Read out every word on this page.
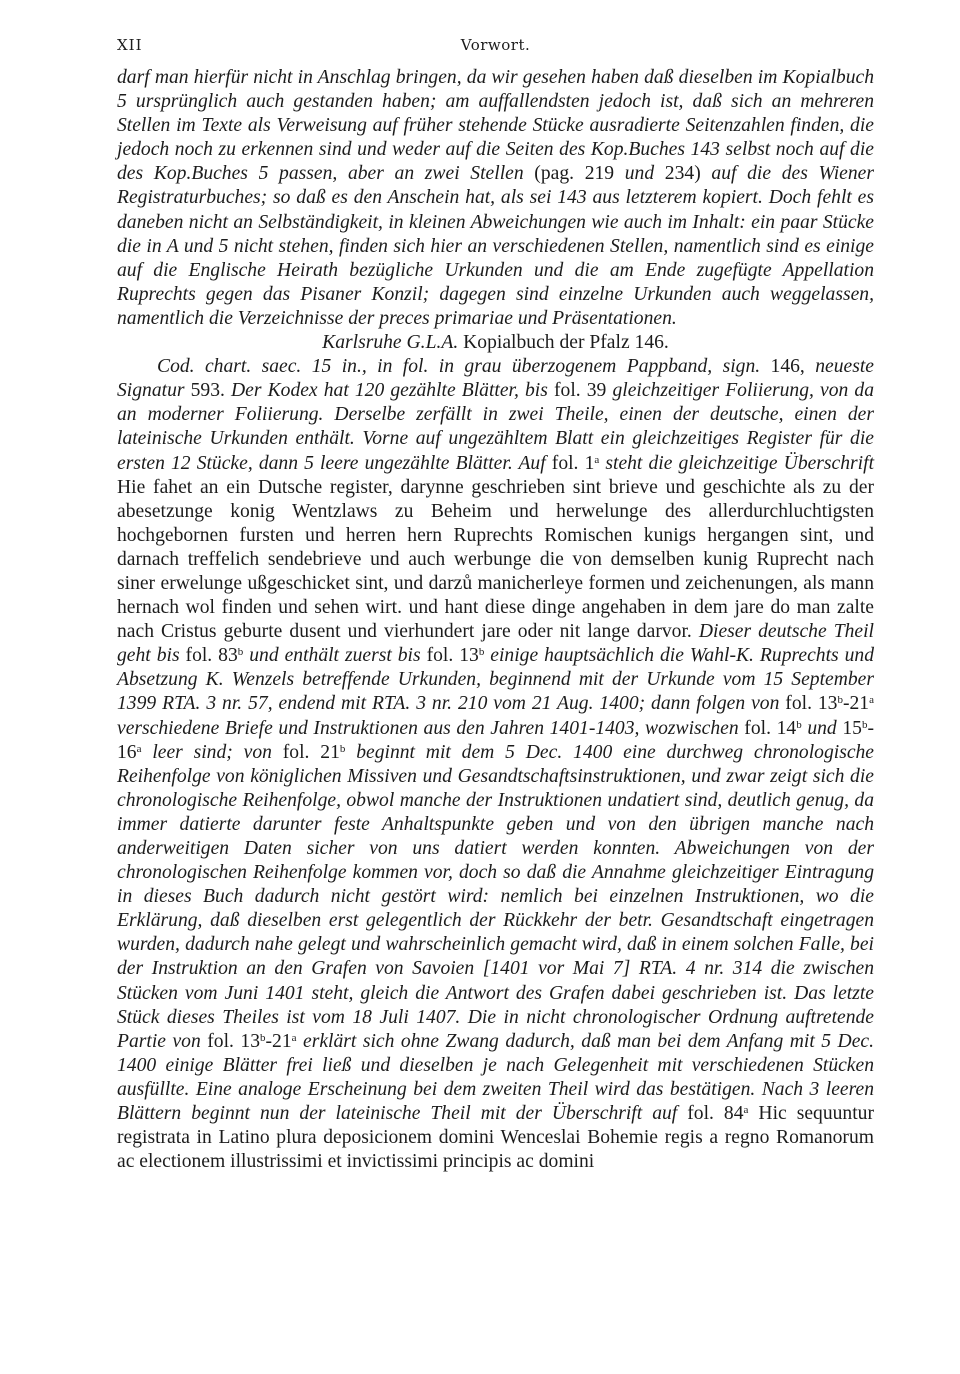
XII	Vorwort.

darf man hierfür nicht in Anschlag bringen, da wir gesehen haben daß dieselben im Kopialbuch 5 ursprünglich auch gestanden haben; am auffallendsten jedoch ist, daß sich an mehreren Stellen im Texte als Verweisung auf früher stehende Stücke ausradierte Seitenzahlen finden, die jedoch noch zu erkennen sind und weder auf die Seiten des Kop.Buches 143 selbst noch auf die des Kop.Buches 5 passen, aber an zwei Stellen (pag. 219 und 234) auf die des Wiener Registraturbuches; so daß es den Anschein hat, als sei 143 aus letzterem kopiert. Doch fehlt es daneben nicht an Selbständigkeit, in kleinen Abweichungen wie auch im Inhalt: ein paar Stücke die in A und 5 nicht stehen, finden sich hier an verschiedenen Stellen, namentlich sind es einige auf die Englische Heirath bezügliche Urkunden und die am Ende zugefügte Appellation Ruprechts gegen das Pisaner Konzil; dagegen sind einzelne Urkunden auch weggelassen, namentlich die Verzeichnisse der preces primariae und Präsentationen.

Karlsruhe G.L.A. Kopialbuch der Pfalz 146.

Cod. chart. saec. 15 in., in fol. in grau überzogenem Pappband, sign. 146, neueste Signatur 593. Der Kodex hat 120 gezählte Blätter, bis fol. 39 gleichzeitiger Foliierung, von da an moderner Foliierung. Derselbe zerfällt in zwei Theile, einen der deutsche, einen der lateinische Urkunden enthält. Vorne auf ungezähltem Blatt ein gleichzeitiges Register für die ersten 12 Stücke, dann 5 leere ungezählte Blätter. Auf fol. 1$^a$ steht die gleichzeitige Überschrift Hie fahet an ein Dutsche register, darynne geschrieben sint brieve und geschichte als zu der abesetzunge konig Wentzlaws zu Beheim und herwelunge des allerdurchluchtigsten hochgebornen fursten und herren hern Ruprechts Romischen kunigs hergangen sint, und darnach treffelich sendebrieve und auch werbunge die von demselben kunig Ruprecht nach siner erwelunge ußgeschicket sint, und darzů manicherleye formen und zeichenungen, als mann hernach wol finden und sehen wirt. und hant diese dinge angehaben in dem jare do man zalte nach Cristus geburte dusent und vierhundert jare oder nit lange darvor. Dieser deutsche Theil geht bis fol. 83$^b$ und enthält zuerst bis fol. 13$^b$ einige hauptsächlich die Wahl-K. Ruprechts und Absetzung K. Wenzels betreffende Urkunden, beginnend mit der Urkunde vom 15 September 1399 RTA. 3 nr. 57, endend mit RTA. 3 nr. 210 vom 21 Aug. 1400; dann folgen von fol. 13$^b$-21$^a$ verschiedene Briefe und Instruktionen aus den Jahren 1401-1403, wozwischen fol. 14$^b$ und 15$^b$-16$^a$ leer sind; von fol. 21$^b$ beginnt mit dem 5 Dec. 1400 eine durchweg chronologische Reihenfolge von königlichen Missiven und Gesandtschaftsinstruktionen, und zwar zeigt sich die chronologische Reihenfolge, obwol manche der Instruktionen undatiert sind, deutlich genug, da immer datierte darunter feste Anhaltspunkte geben und von den übrigen manche nach anderweitigen Daten sicher von uns datiert werden konnten. Abweichungen von der chronologischen Reihenfolge kommen vor, doch so daß die Annahme gleichzeitiger Eintragung in dieses Buch dadurch nicht gestört wird: nemlich bei einzelnen Instruktionen, wo die Erklärung, daß dieselben erst gelegentlich der Rückkehr der betr. Gesandtschaft eingetragen wurden, dadurch nahe gelegt und wahrscheinlich gemacht wird, daß in einem solchen Falle, bei der Instruktion an den Grafen von Savoien [1401 vor Mai 7] RTA. 4 nr. 314 die zwischen Stücken vom Juni 1401 steht, gleich die Antwort des Grafen dabei geschrieben ist. Das letzte Stück dieses Theiles ist vom 18 Juli 1407. Die in nicht chronologischer Ordnung auftretende Partie von fol. 13$^b$-21$^a$ erklärt sich ohne Zwang dadurch, daß man bei dem Anfang mit 5 Dec. 1400 einige Blätter frei ließ und dieselben je nach Gelegenheit mit verschiedenen Stücken ausfüllte. Eine analoge Erscheinung bei dem zweiten Theil wird das bestätigen. Nach 3 leeren Blättern beginnt nun der lateinische Theil mit der Überschrift auf fol. 84$^a$ Hic sequuntur registrata in Latino plura deposicionem domini Wenceslai Bohemie regis a regno Romanorum ac electionem illustrissimi et invictissimi principis ac domini
